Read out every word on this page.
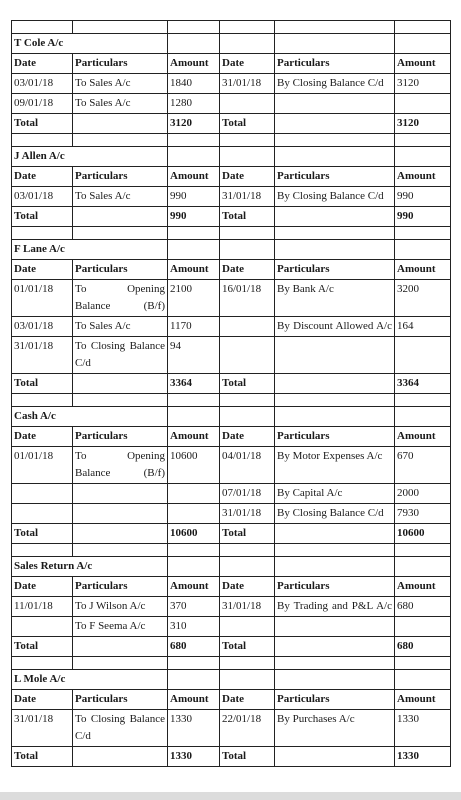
T Cole A/c					
Date	Particulars	Amount	Date	Particulars	Amount
03/01/18	To Sales A/c	1840	31/01/18	By Closing Balance C/d	3120
09/01/18	To Sales A/c	1280			
Total		3120	Total		3120

J Allen A/c					
Date	Particulars	Amount	Date	Particulars	Amount
03/01/18	To Sales A/c	990	31/01/18	By Closing Balance C/d	990
Total		990	Total		990

F Lane A/c					
Date	Particulars	Amount	Date	Particulars	Amount
01/01/18	To Opening Balance (B/f)	2100	16/01/18	By Bank A/c	3200
03/01/18	To Sales A/c	1170		By Discount Allowed A/c	164
31/01/18	To Closing Balance C/d	94			
Total		3364	Total		3364

Cash A/c					
Date	Particulars	Amount	Date	Particulars	Amount
01/01/18	To Opening Balance (B/f)	10600	04/01/18	By Motor Expenses A/c	670
			07/01/18	By Capital A/c	2000
			31/01/18	By Closing Balance C/d	7930
Total		10600	Total		10600

Sales Return A/c					
Date	Particulars	Amount	Date	Particulars	Amount
11/01/18	To J Wilson A/c	370	31/01/18	By Trading and P&L A/c	680
	To F Seema A/c	310			
Total		680	Total		680

L Mole A/c					
Date	Particulars	Amount	Date	Particulars	Amount
31/01/18	To Closing Balance C/d	1330	22/01/18	By Purchases A/c	1330
Total		1330	Total		1330
